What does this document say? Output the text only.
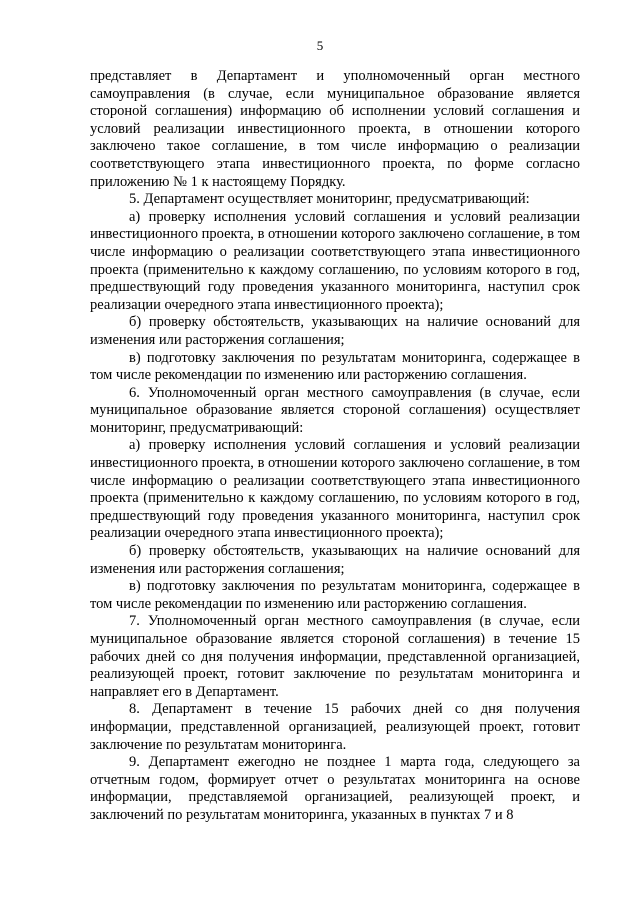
5

представляет в Департамент и уполномоченный орган местного самоуправления (в случае, если муниципальное образование является стороной соглашения) информацию об исполнении условий соглашения и условий реализации инвестиционного проекта, в отношении которого заключено такое соглашение, в том числе информацию о реализации соответствующего этапа инвестиционного проекта, по форме согласно приложению № 1 к настоящему Порядку.

5. Департамент осуществляет мониторинг, предусматривающий:

а) проверку исполнения условий соглашения и условий реализации инвестиционного проекта, в отношении которого заключено соглашение, в том числе информацию о реализации соответствующего этапа инвестиционного проекта (применительно к каждому соглашению, по условиям которого в год, предшествующий году проведения указанного мониторинга, наступил срок реализации очередного этапа инвестиционного проекта);

б) проверку обстоятельств, указывающих на наличие оснований для изменения или расторжения соглашения;

в) подготовку заключения по результатам мониторинга, содержащее в том числе рекомендации по изменению или расторжению соглашения.

6. Уполномоченный орган местного самоуправления (в случае, если муниципальное образование является стороной соглашения) осуществляет мониторинг, предусматривающий:

а) проверку исполнения условий соглашения и условий реализации инвестиционного проекта, в отношении которого заключено соглашение, в том числе информацию о реализации соответствующего этапа инвестиционного проекта (применительно к каждому соглашению, по условиям которого в год, предшествующий году проведения указанного мониторинга, наступил срок реализации очередного этапа инвестиционного проекта);

б) проверку обстоятельств, указывающих на наличие оснований для изменения или расторжения соглашения;

в) подготовку заключения по результатам мониторинга, содержащее в том числе рекомендации по изменению или расторжению соглашения.

7. Уполномоченный орган местного самоуправления (в случае, если муниципальное образование является стороной соглашения) в течение 15 рабочих дней со дня получения информации, представленной организацией, реализующей проект, готовит заключение по результатам мониторинга и направляет его в Департамент.

8. Департамент в течение 15 рабочих дней со дня получения информации, представленной организацией, реализующей проект, готовит заключение по результатам мониторинга.

9. Департамент ежегодно не позднее 1 марта года, следующего за отчетным годом, формирует отчет о результатах мониторинга на основе информации, представляемой организацией, реализующей проект, и заключений по результатам мониторинга, указанных в пунктах 7 и 8
